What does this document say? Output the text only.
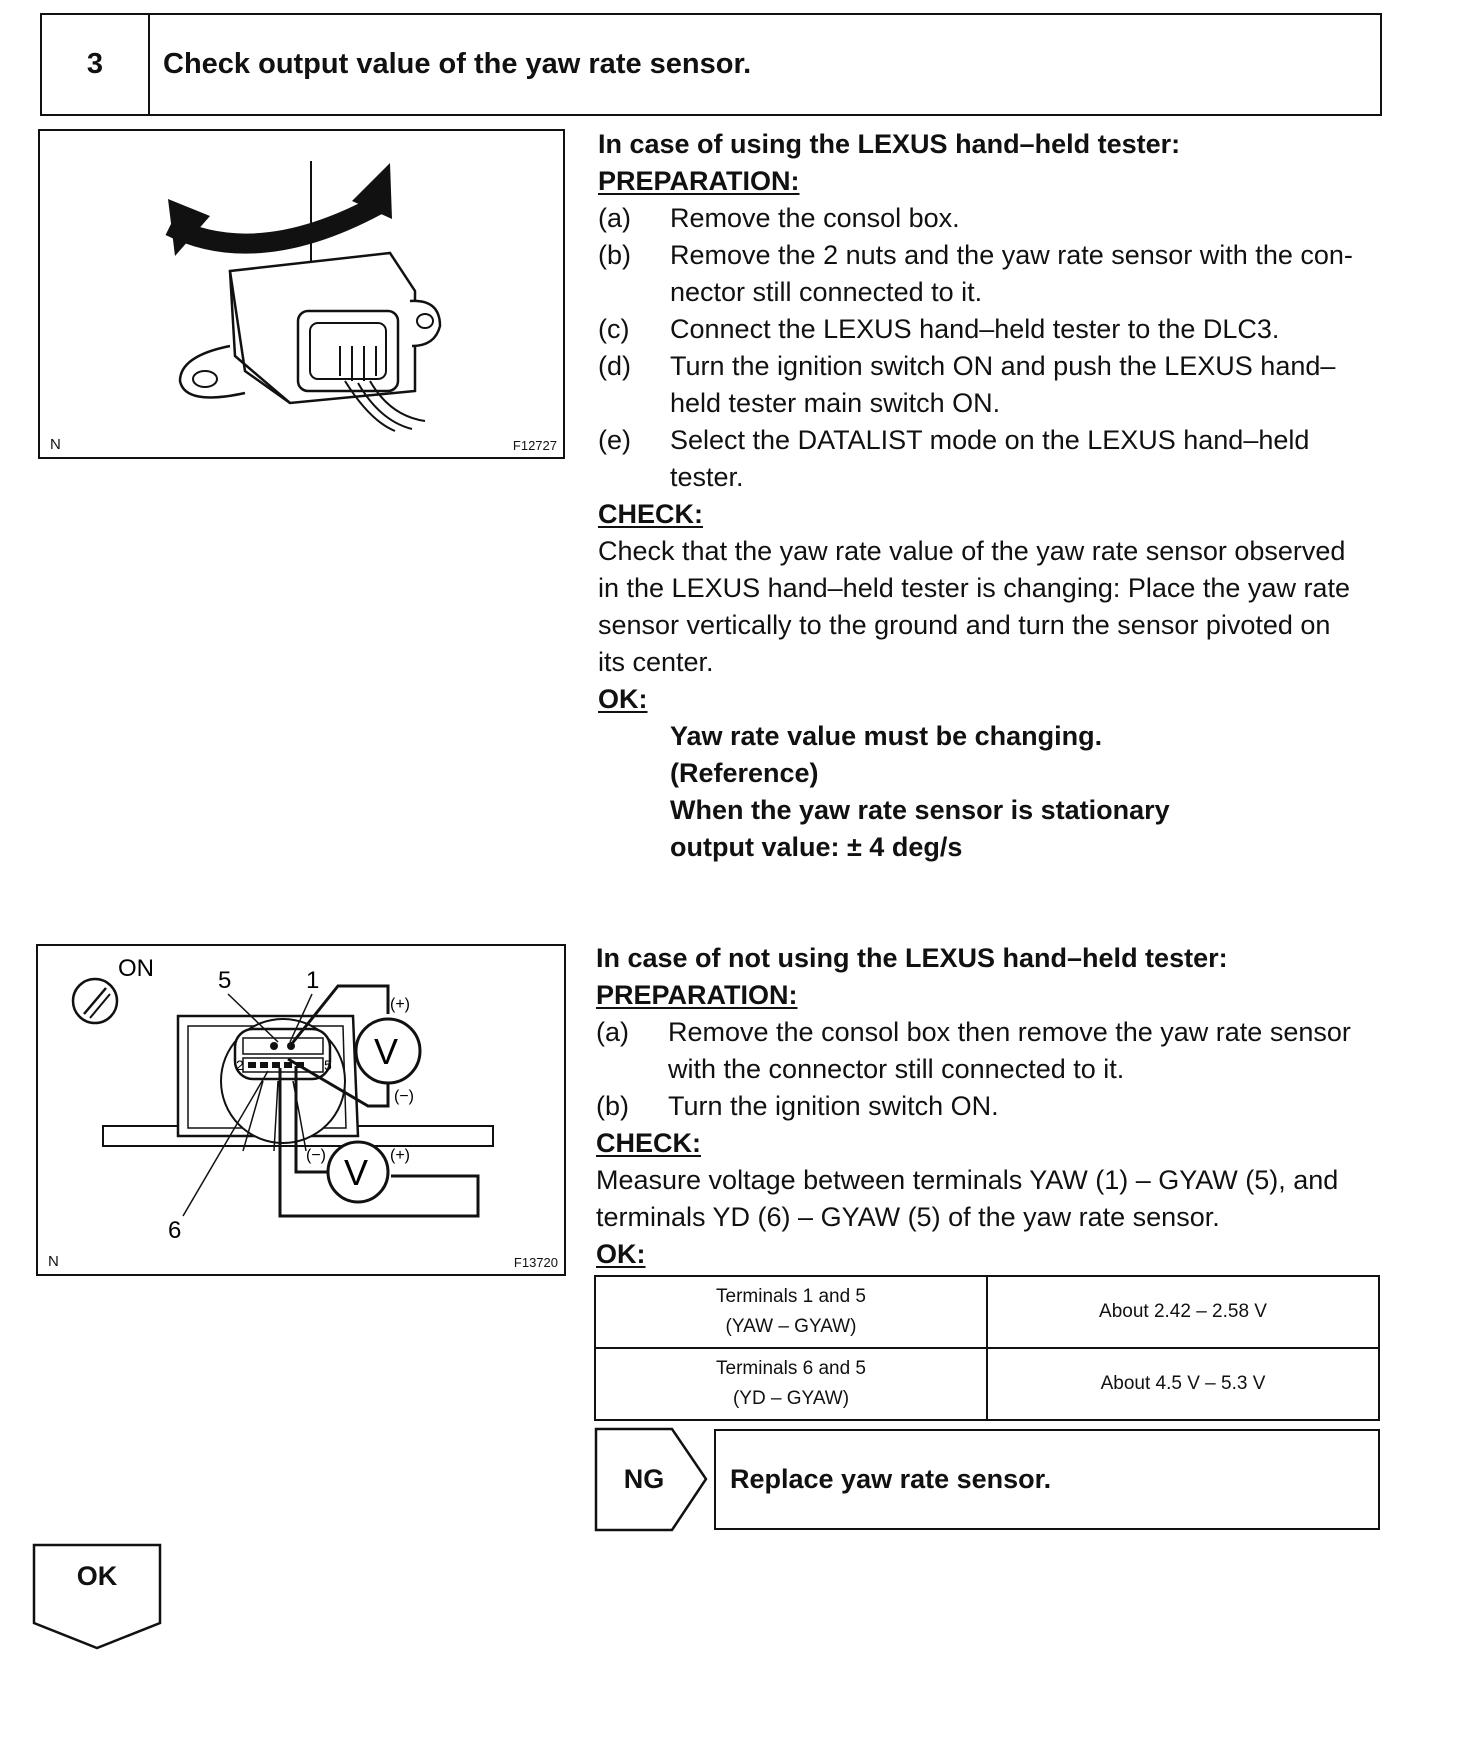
3	Check output value of the yaw rate sensor.
N	F12727
In case of using the LEXUS hand–held tester:
PREPARATION:
(a) Remove the consol box.
(b) Remove the 2 nuts and the yaw rate sensor with the con-
nector still connected to it.
(c) Connect the LEXUS hand–held tester to the DLC3.
(d) Turn the ignition switch ON and push the LEXUS hand–
held tester main switch ON.
(e) Select the DATALIST mode on the LEXUS hand–held
tester.
CHECK:
Check that the yaw rate value of the yaw rate sensor observed
in the LEXUS hand–held tester is changing: Place the yaw rate
sensor vertically to the ground and turn the sensor pivoted on
its center.
OK:
Yaw rate value must be changing.
(Reference)
When the yaw rate sensor is stationary
output value: ± 4 deg/s
ON
2	5
5	1
6
V
(+)
(−)
V
(−)	(+)
N	F13720
In case of not using the LEXUS hand–held tester:
PREPARATION:
(a) Remove the consol box then remove the yaw rate sensor
with the connector still connected to it.
(b) Turn the ignition switch ON.
CHECK:
Measure voltage between terminals YAW (1) – GYAW (5), and
terminals YD (6) – GYAW (5) of the yaw rate sensor.
OK:
Terminals 1 and 5
(YAW – GYAW)	About 2.42 – 2.58 V

Terminals 6 and 5
(YD – GYAW)	About 4.5 V – 5.3 V
NG	Replace yaw rate sensor.
OK
